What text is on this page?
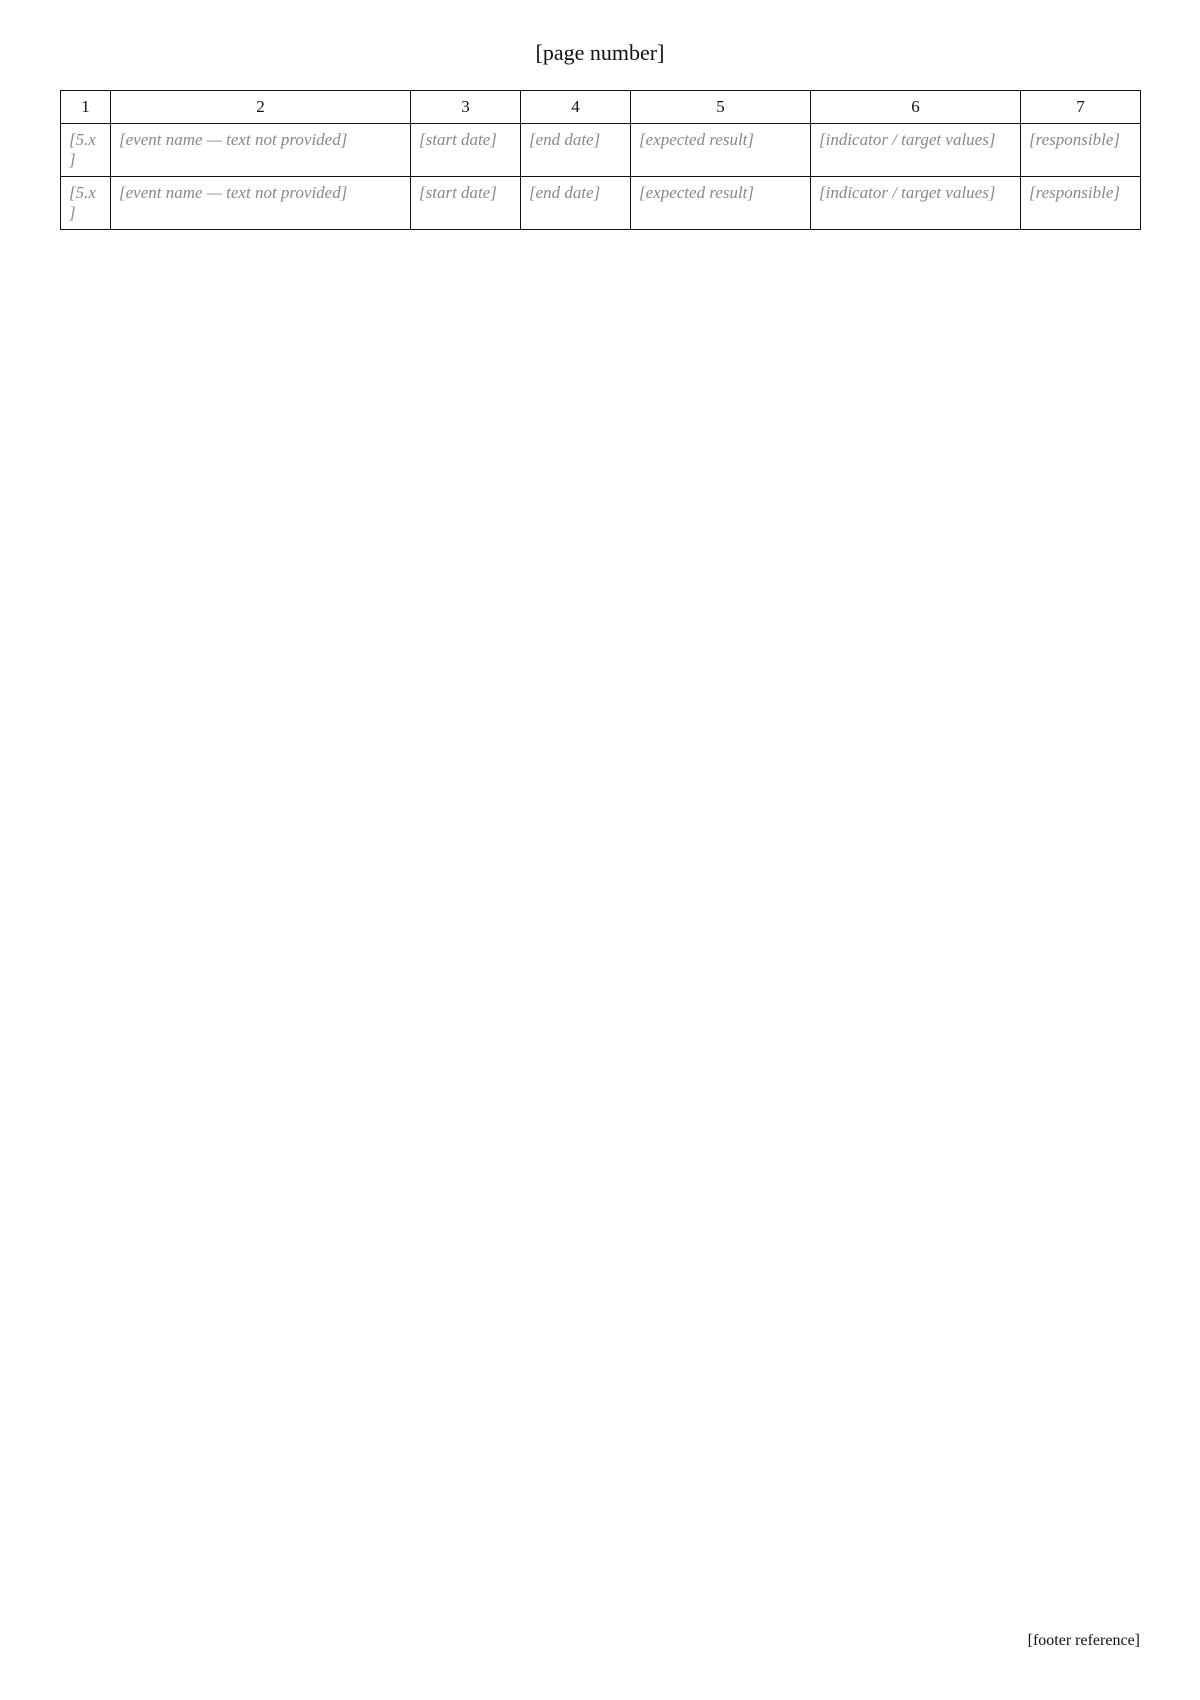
[page number]
1	2	3	4	5	6	7
[5.x]	[event name — text not provided]	[start date]	[end date]	[expected result]	[indicator / target values]	[responsible]
[5.x]	[event name — text not provided]	[start date]	[end date]	[expected result]	[indicator / target values]	[responsible]
[footer reference]
